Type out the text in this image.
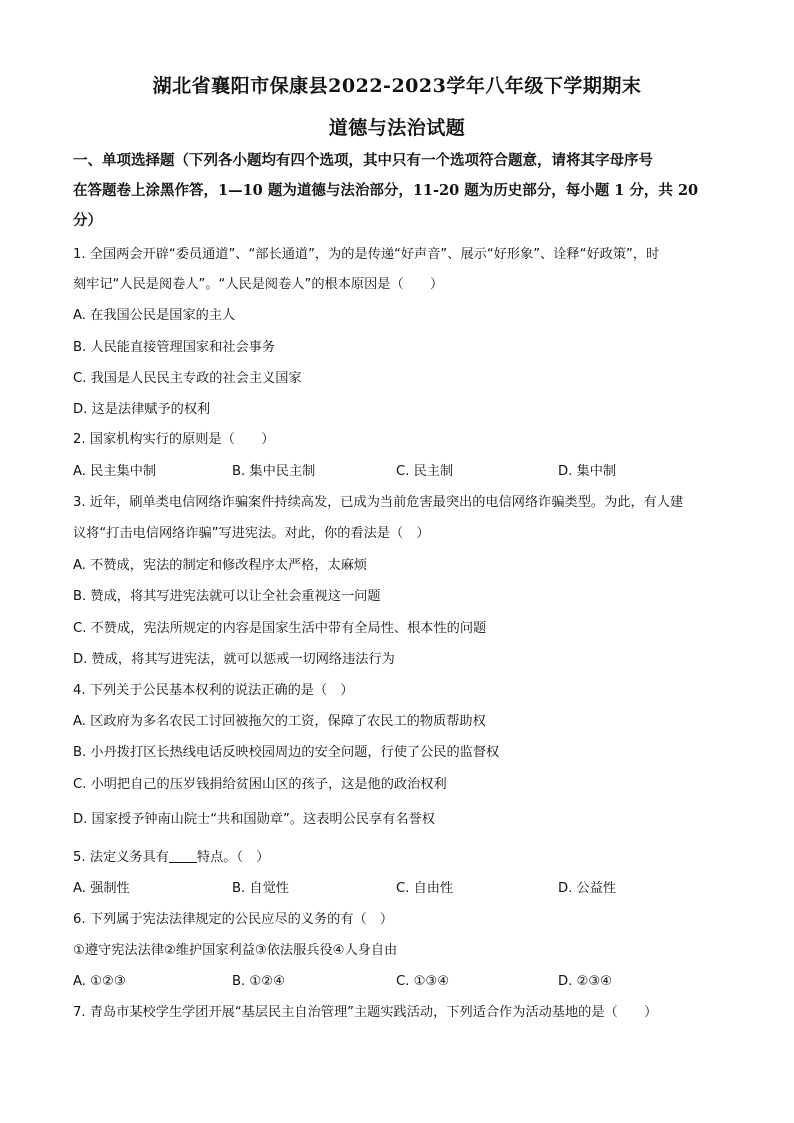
湖北省襄阳市保康县2022-2023学年八年级下学期期末
道德与法治试题
一、单项选择题（下列各小题均有四个选项，其中只有一个选项符合题意，请将其字母序号
在答题卷上涂黑作答，1—10 题为道德与法治部分，11-20 题为历史部分，每小题 1 分，共 20
分）
1. 全国两会开辟“委员通道”、“部长通道”，为的是传递“好声音”、展示“好形象”、诠释“好政策”，时
刻牢记“人民是阅卷人”。“人民是阅卷人”的根本原因是（　　）
A. 在我国公民是国家的主人
B. 人民能直接管理国家和社会事务
C. 我国是人民民主专政的社会主义国家
D. 这是法律赋予的权利
2. 国家机构实行的原则是（　　）
A. 民主集中制	B. 集中民主制	C. 民主制	D. 集中制
3. 近年，刷单类电信网络诈骗案件持续高发，已成为当前危害最突出的电信网络诈骗类型。为此，有人建
议将“打击电信网络诈骗”写进宪法。对此，你的看法是（　）
A. 不赞成，宪法的制定和修改程序太严格，太麻烦
B. 赞成，将其写进宪法就可以让全社会重视这一问题
C. 不赞成，宪法所规定的内容是国家生活中带有全局性、根本性的问题
D. 赞成，将其写进宪法，就可以惩戒一切网络违法行为
4. 下列关于公民基本权利的说法正确的是（　）
A. 区政府为多名农民工讨回被拖欠的工资，保障了农民工的物质帮助权
B. 小丹拨打区长热线电话反映校园周边的安全问题，行使了公民的监督权
C. 小明把自己的压岁钱捐给贫困山区的孩子，这是他的政治权利
D. 国家授予钟南山院士“共和国勋章”。这表明公民享有名誉权
5. 法定义务具有 特点。（　）
A. 强制性	B. 自觉性	C. 自由性	D. 公益性
6. 下列属于宪法法律规定的公民应尽的义务的有（　）
①遵守宪法法律②维护国家利益③依法服兵役④人身自由
A. ①②③	B. ①②④	C. ①③④	D. ②③④
7. 青岛市某校学生学团开展“基层民主自治管理”主题实践活动，下列适合作为活动基地的是（　　）
